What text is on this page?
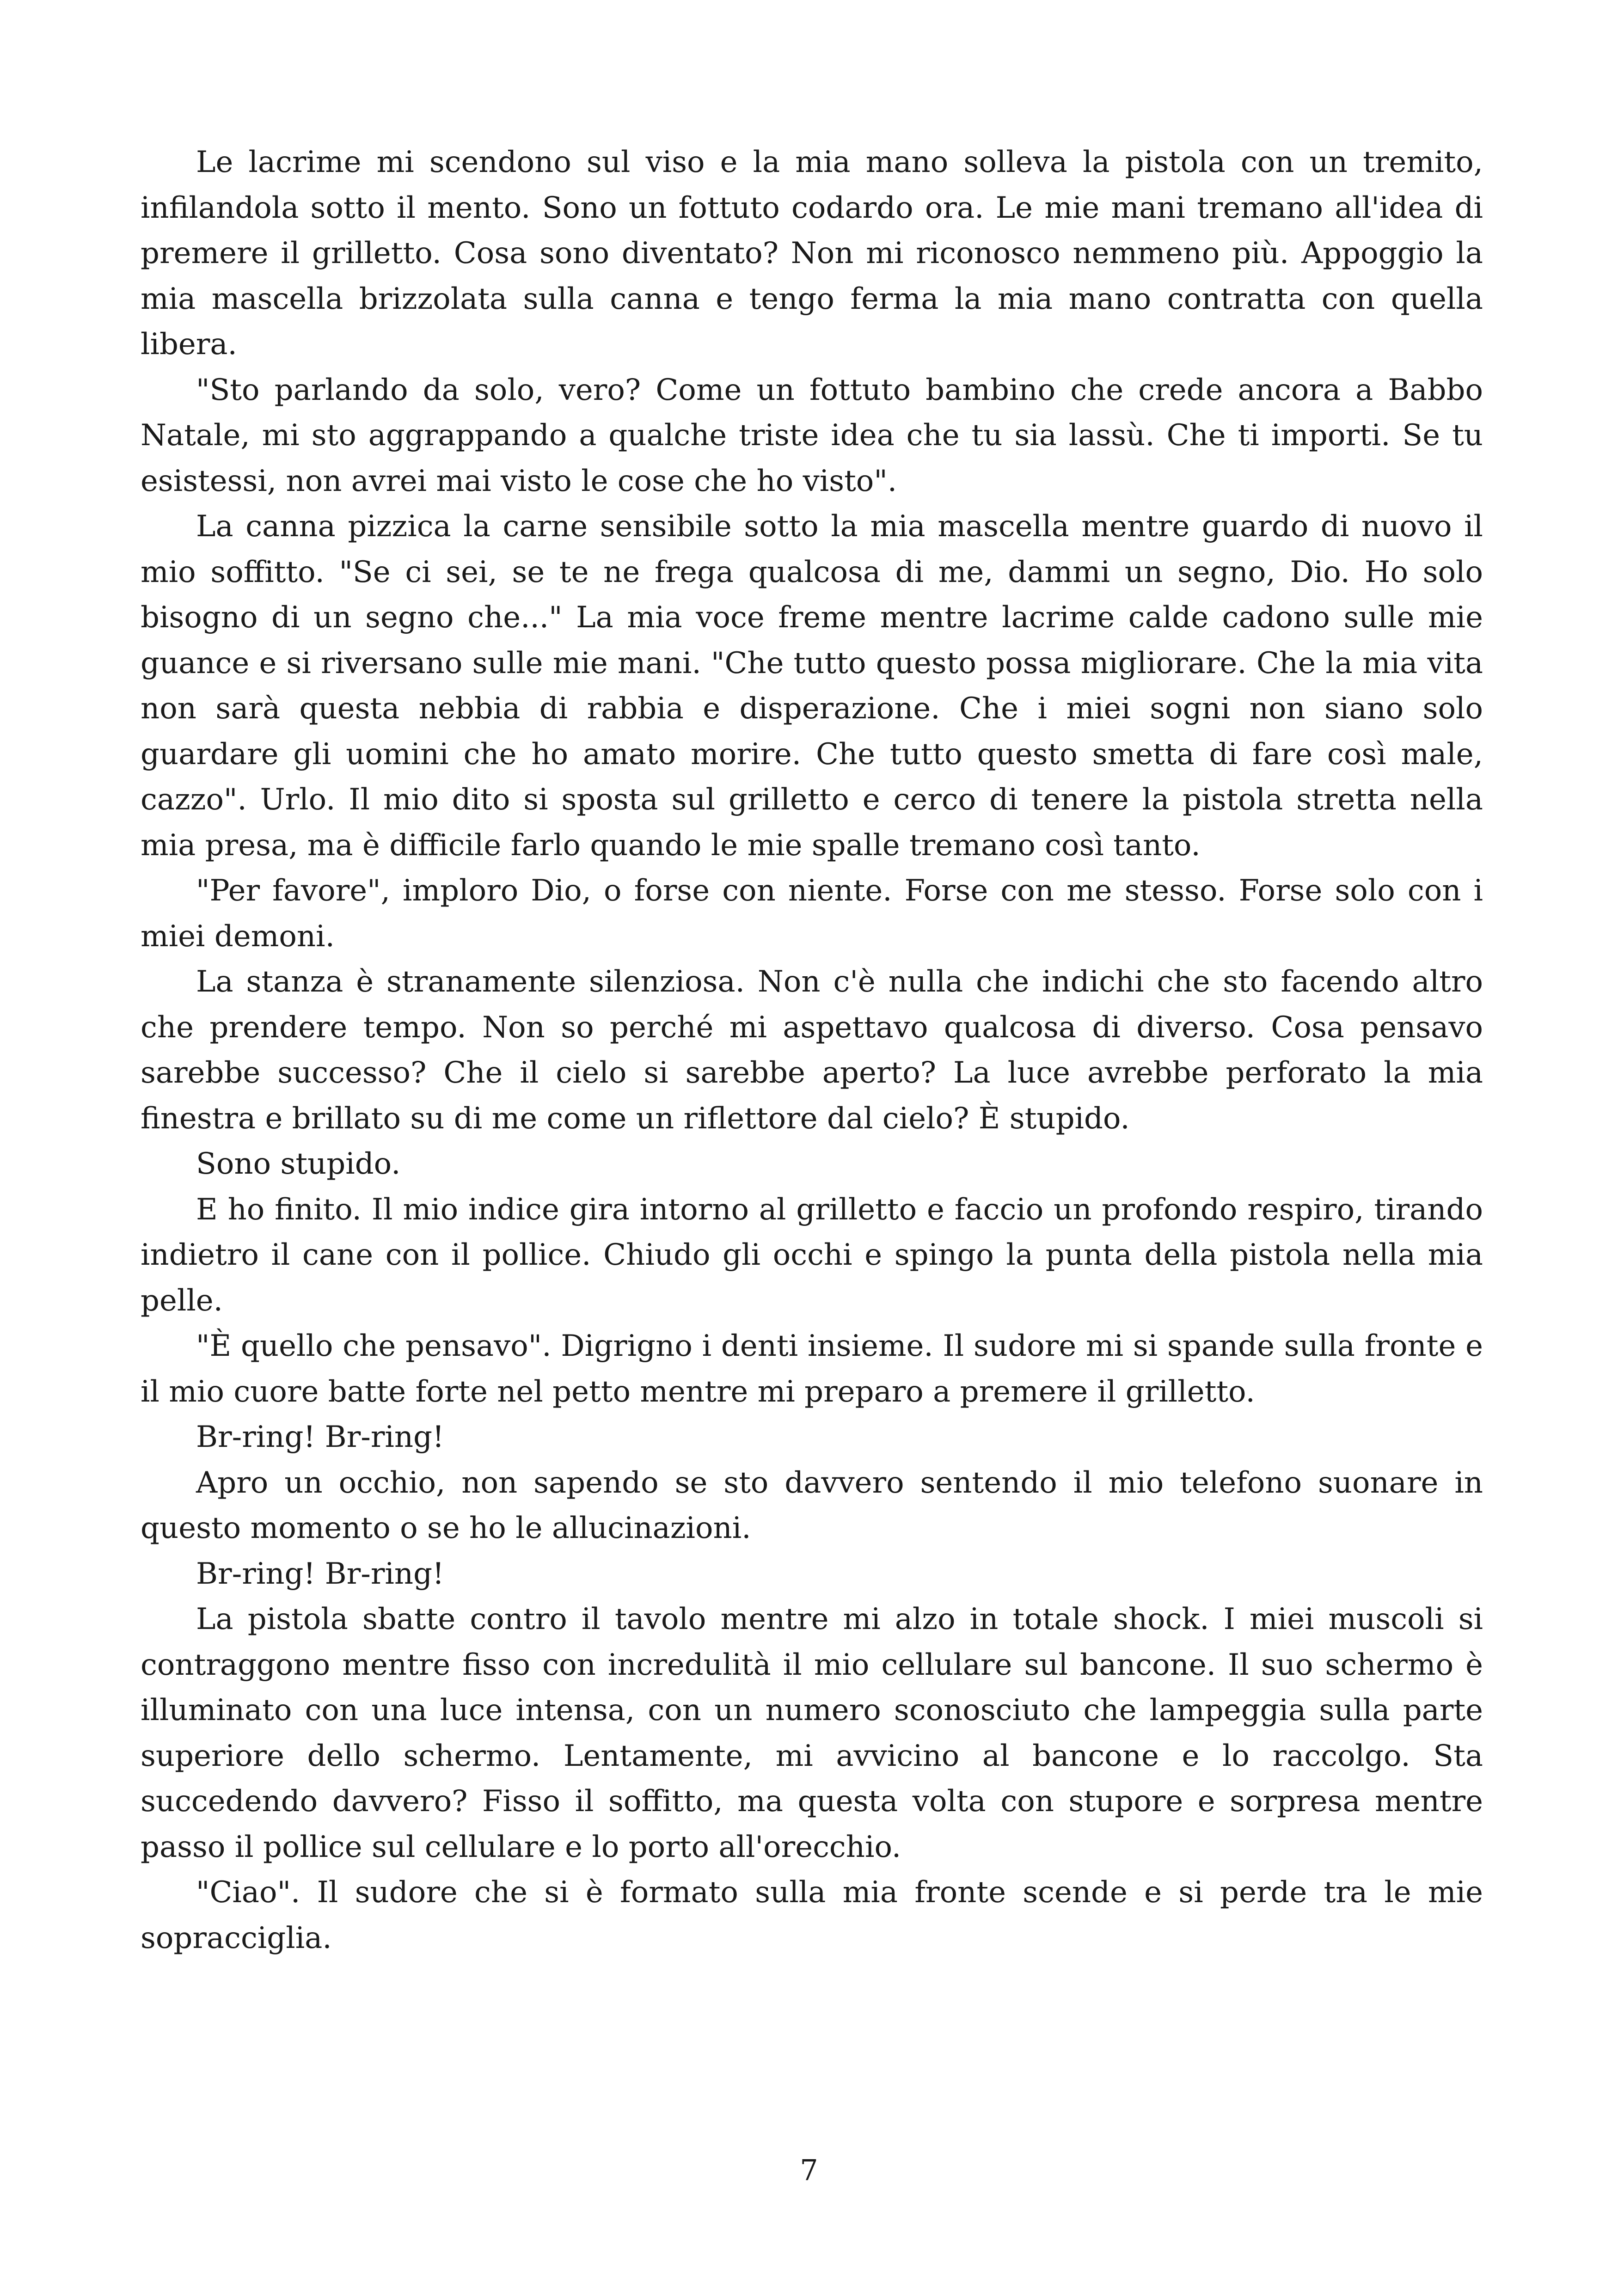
Le lacrime mi scendono sul viso e la mia mano solleva la pistola con un tremito, infilandola sotto il mento. Sono un fottuto codardo ora. Le mie mani tremano all'idea di premere il grilletto. Cosa sono diventato? Non mi riconosco nemmeno più. Appoggio la mia mascella brizzolata sulla canna e tengo ferma la mia mano contratta con quella libera.

"Sto parlando da solo, vero? Come un fottuto bambino che crede ancora a Babbo Natale, mi sto aggrappando a qualche triste idea che tu sia lassù. Che ti importi. Se tu esistessi, non avrei mai visto le cose che ho visto".

La canna pizzica la carne sensibile sotto la mia mascella mentre guardo di nuovo il mio soffitto. "Se ci sei, se te ne frega qualcosa di me, dammi un segno, Dio. Ho solo bisogno di un segno che..." La mia voce freme mentre lacrime calde cadono sulle mie guance e si riversano sulle mie mani. "Che tutto questo possa migliorare. Che la mia vita non sarà questa nebbia di rabbia e disperazione. Che i miei sogni non siano solo guardare gli uomini che ho amato morire. Che tutto questo smetta di fare così male, cazzo". Urlo. Il mio dito si sposta sul grilletto e cerco di tenere la pistola stretta nella mia presa, ma è difficile farlo quando le mie spalle tremano così tanto.

"Per favore", imploro Dio, o forse con niente. Forse con me stesso. Forse solo con i miei demoni.

La stanza è stranamente silenziosa. Non c'è nulla che indichi che sto facendo altro che prendere tempo. Non so perché mi aspettavo qualcosa di diverso. Cosa pensavo sarebbe successo? Che il cielo si sarebbe aperto? La luce avrebbe perforato la mia finestra e brillato su di me come un riflettore dal cielo? È stupido.

Sono stupido.

E ho finito. Il mio indice gira intorno al grilletto e faccio un profondo respiro, tirando indietro il cane con il pollice. Chiudo gli occhi e spingo la punta della pistola nella mia pelle.

"È quello che pensavo". Digrigno i denti insieme. Il sudore mi si spande sulla fronte e il mio cuore batte forte nel petto mentre mi preparo a premere il grilletto.

Br-ring! Br-ring!

Apro un occhio, non sapendo se sto davvero sentendo il mio telefono suonare in questo momento o se ho le allucinazioni.

Br-ring! Br-ring!

La pistola sbatte contro il tavolo mentre mi alzo in totale shock. I miei muscoli si contraggono mentre fisso con incredulità il mio cellulare sul bancone. Il suo schermo è illuminato con una luce intensa, con un numero sconosciuto che lampeggia sulla parte superiore dello schermo. Lentamente, mi avvicino al bancone e lo raccolgo. Sta succedendo davvero? Fisso il soffitto, ma questa volta con stupore e sorpresa mentre passo il pollice sul cellulare e lo porto all'orecchio.

"Ciao". Il sudore che si è formato sulla mia fronte scende e si perde tra le mie sopracciglia.

7
